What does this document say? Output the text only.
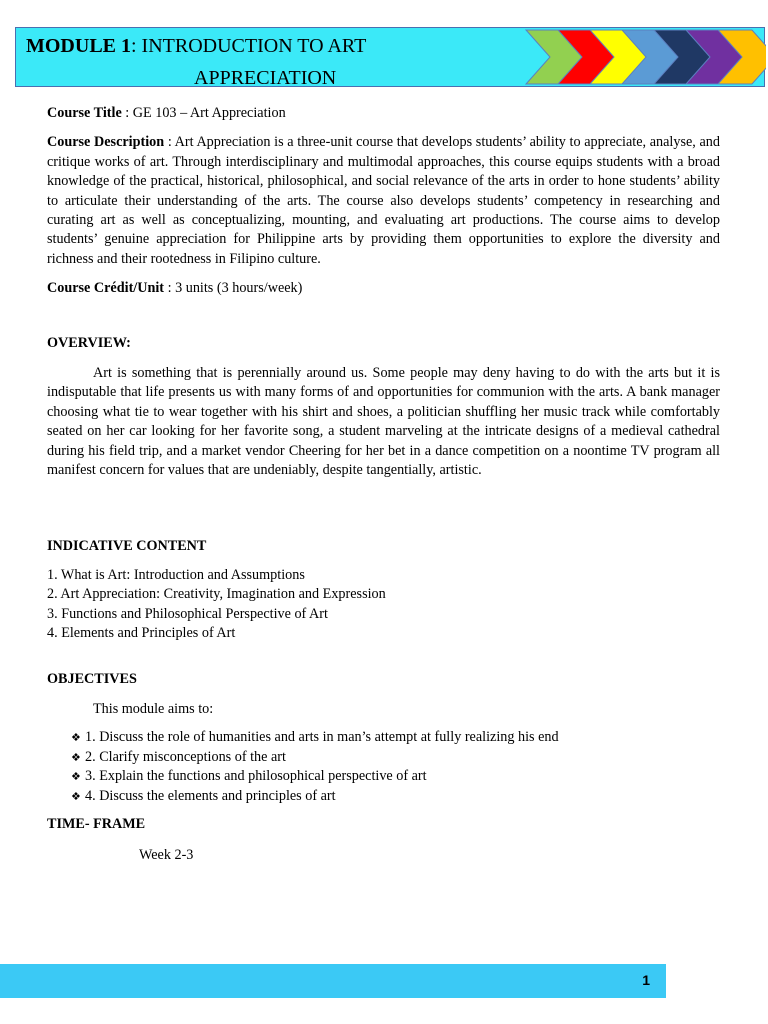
MODULE 1: INTRODUCTION TO ART
APPRECIATION

Course Title : GE 103 – Art Appreciation

Course Description : Art Appreciation is a three-unit course that develops students’ ability to appreciate, analyse, and critique works of art. Through interdisciplinary and multimodal approaches, this course equips students with a broad knowledge of the practical, historical, philosophical, and social relevance of the arts in order to hone students’ ability to articulate their understanding of the arts. The course also develops students’ competency in researching and curating art as well as conceptualizing, mounting, and evaluating art productions. The course aims to develop students’ genuine appreciation for Philippine arts by providing them opportunities to explore the diversity and richness and their rootedness in Filipino culture.

Course Crédit/Unit : 3 units (3 hours/week)

OVERVIEW:

Art is something that is perennially around us. Some people may deny having to do with the arts but it is indisputable that life presents us with many forms of and opportunities for communion with the arts. A bank manager choosing what tie to wear together with his shirt and shoes, a politician shuffling her music track while comfortably seated on her car looking for her favorite song, a student marveling at the intricate designs of a medieval cathedral during his field trip, and a market vendor Cheering for her bet in a dance competition on a noontime TV program all manifest concern for values that are undeniably, despite tangentially, artistic.

INDICATIVE CONTENT
1. What is Art: Introduction and Assumptions
2. Art Appreciation: Creativity, Imagination and Expression
3. Functions and Philosophical Perspective of Art
4. Elements and Principles of Art
OBJECTIVES

This module aims to:

❖ 1. Discuss the role of humanities and arts in man’s attempt at fully realizing his end
❖ 2. Clarify misconceptions of the art
❖ 3. Explain the functions and philosophical perspective of art
❖ 4. Discuss the elements and principles of art
TIME- FRAME
Week 2-3
1
